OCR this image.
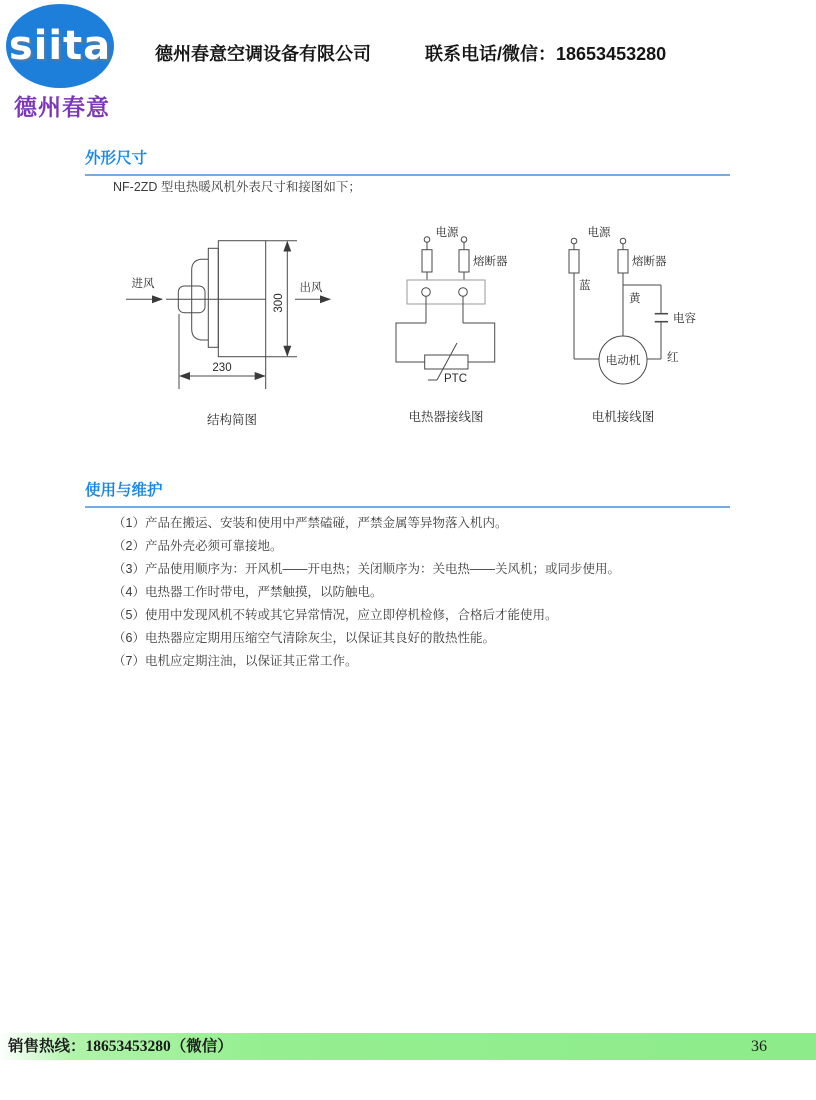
siita
德州春意
德州春意空调设备有限公司	联系电话/微信：18653453280
外形尺寸
NF-2ZD 型电热暖风机外表尺寸和接图如下；
进风	出风
300
230
结构简图
电源
熔断器
PTC
电热器接线图
电源
熔断器
蓝
黄
电容
红
电动机
电机接线图
使用与维护
（1）产品在搬运、安装和使用中严禁磕碰，严禁金属等异物落入机内。
（2）产品外壳必须可靠接地。
（3）产品使用顺序为：开风机——开电热；关闭顺序为：关电热——关风机；或同步使用。
（4）电热器工作时带电，严禁触摸，以防触电。
（5）使用中发现风机不转或其它异常情况，应立即停机检修，合格后才能使用。
（6）电热器应定期用压缩空气清除灰尘，以保证其良好的散热性能。
（7）电机应定期注油，以保证其正常工作。
销售热线：18653453280（微信）	36
